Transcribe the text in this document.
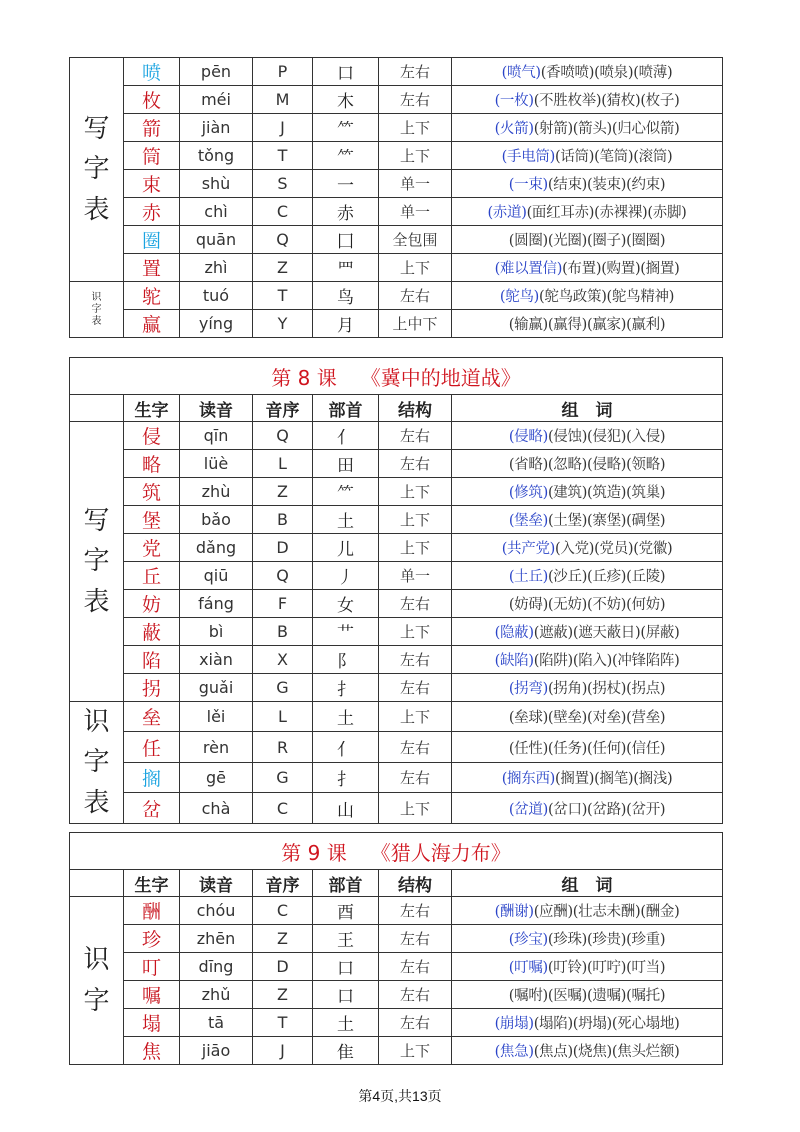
写字表	喷	pēn	P	口	左右	(喷气)(香喷喷)(喷泉)(喷薄)
	枚	méi	M	木	左右	(一枚)(不胜枚举)(猜枚)(枚子)
	箭	jiàn	J	⺮	上下	(火箭)(射箭)(箭头)(归心似箭)
	筒	tǒng	T	⺮	上下	(手电筒)(话筒)(笔筒)(滚筒)
	束	shù	S	一	单一	(一束)(结束)(装束)(约束)
	赤	chì	C	赤	单一	(赤道)(面红耳赤)(赤裸裸)(赤脚)
	圈	quān	Q	囗	全包围	(圆圈)(光圈)(圈子)(圈圈)
	置	zhì	Z	罒	上下	(难以置信)(布置)(购置)(搁置)

识字表	鸵	tuó	T	鸟	左右	(鸵鸟)(鸵鸟政策)(鸵鸟精神)
	赢	yíng	Y	月	上中下	(输赢)(赢得)(赢家)(赢利)
第 8 课 《冀中的地道战》						
	生字	读音	音序	部首	结构	组　词

写字表	侵	qīn	Q	亻	左右	(侵略)(侵蚀)(侵犯)(入侵)
	略	lüè	L	田	左右	(省略)(忽略)(侵略)(领略)
	筑	zhù	Z	⺮	上下	(修筑)(建筑)(筑造)(筑巢)
	堡	bǎo	B	土	上下	(堡垒)(土堡)(寨堡)(碉堡)
	党	dǎng	D	儿	上下	(共产党)(入党)(党员)(党徽)
	丘	qiū	Q	丿	单一	(土丘)(沙丘)(丘疹)(丘陵)
	妨	fáng	F	女	左右	(妨碍)(无妨)(不妨)(何妨)
	蔽	bì	B	艹	上下	(隐蔽)(遮蔽)(遮天蔽日)(屏蔽)
	陷	xiàn	X	阝	左右	(缺陷)(陷阱)(陷入)(冲锋陷阵)
	拐	guǎi	G	扌	左右	(拐弯)(拐角)(拐杖)(拐点)

识字表	垒	lěi	L	土	上下	(垒球)(壁垒)(对垒)(营垒)
	任	rèn	R	亻	左右	(任性)(任务)(任何)(信任)
	搁	gē	G	扌	左右	(搁东西)(搁置)(搁笔)(搁浅)
	岔	chà	C	山	上下	(岔道)(岔口)(岔路)(岔开)
第 9 课 《猎人海力布》						
	生字	读音	音序	部首	结构	组　词

识字	酬	chóu	C	酉	左右	(酬谢)(应酬)(壮志未酬)(酬金)
	珍	zhēn	Z	王	左右	(珍宝)(珍珠)(珍贵)(珍重)
	叮	dīng	D	口	左右	(叮嘱)(叮铃)(叮咛)(叮当)
	嘱	zhǔ	Z	口	左右	(嘱咐)(医嘱)(遗嘱)(嘱托)
	塌	tā	T	土	左右	(崩塌)(塌陷)(坍塌)(死心塌地)
	焦	jiāo	J	隹	上下	(焦急)(焦点)(烧焦)(焦头烂额)
第4页,共13页
